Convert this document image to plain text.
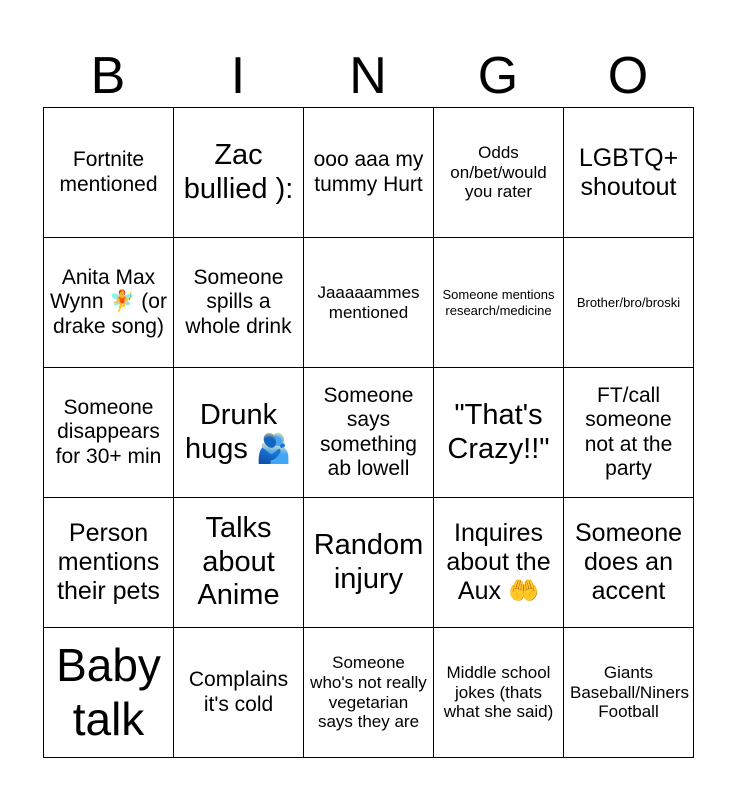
B	I	N	G	O
Fortnite mentioned	Zac bullied ):	ooo aaa my tummy Hurt	Odds on/bet/would you rater	LGBTQ+ shoutout
Anita Max Wynn 🧚 (or drake song)	Someone spills a whole drink	Jaaaaammes mentioned	Someone mentions research/medicine	Brother/bro/broski
Someone disappears for 30+ min	Drunk hugs 🫂	Someone says something ab lowell	"That's Crazy!!"	FT/call someone not at the party
Person mentions their pets	Talks about Anime	Random injury	Inquires about the Aux 🤲	Someone does an accent
Baby talk	Complains it's cold	Someone who's not really vegetarian says they are	Middle school jokes (thats what she said)	Giants Baseball/Niners Football
